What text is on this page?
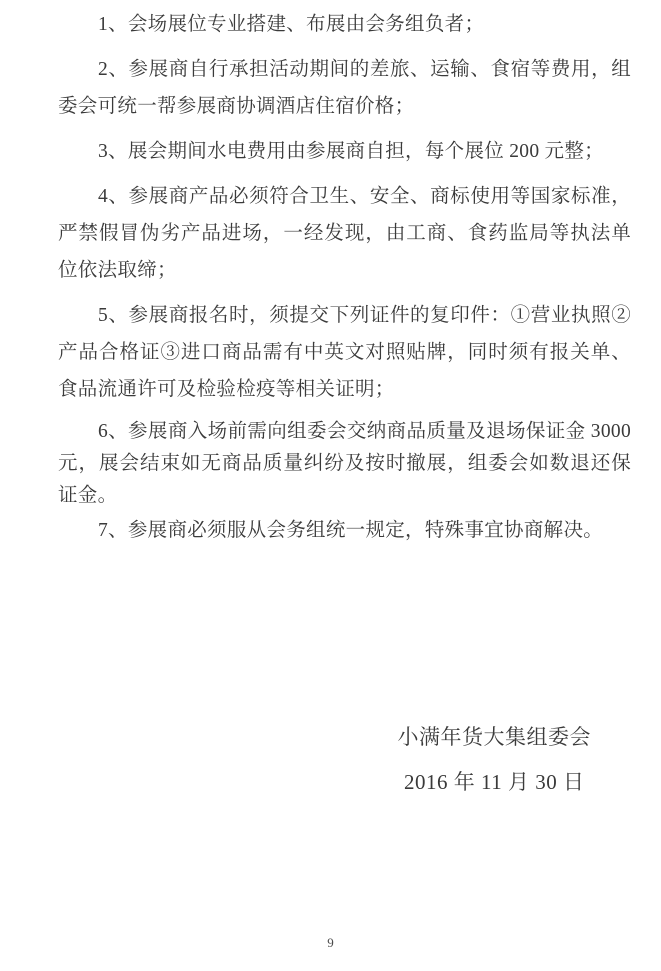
1、会场展位专业搭建、布展由会务组负者；

2、参展商自行承担活动期间的差旅、运输、食宿等费用，组委会可统一帮参展商协调酒店住宿价格；

3、展会期间水电费用由参展商自担，每个展位 200 元整；

4、参展商产品必须符合卫生、安全、商标使用等国家标准，严禁假冒伪劣产品进场，一经发现，由工商、食药监局等执法单位依法取缔；

5、参展商报名时，须提交下列证件的复印件：①营业执照②产品合格证③进口商品需有中英文对照贴牌，同时须有报关单、食品流通许可及检验检疫等相关证明；

6、参展商入场前需向组委会交纳商品质量及退场保证金 3000 元，展会结束如无商品质量纠纷及按时撤展，组委会如数退还保证金。

7、参展商必须服从会务组统一规定，特殊事宜协商解决。

小满年货大集组委会
2016 年 11 月 30 日
9
